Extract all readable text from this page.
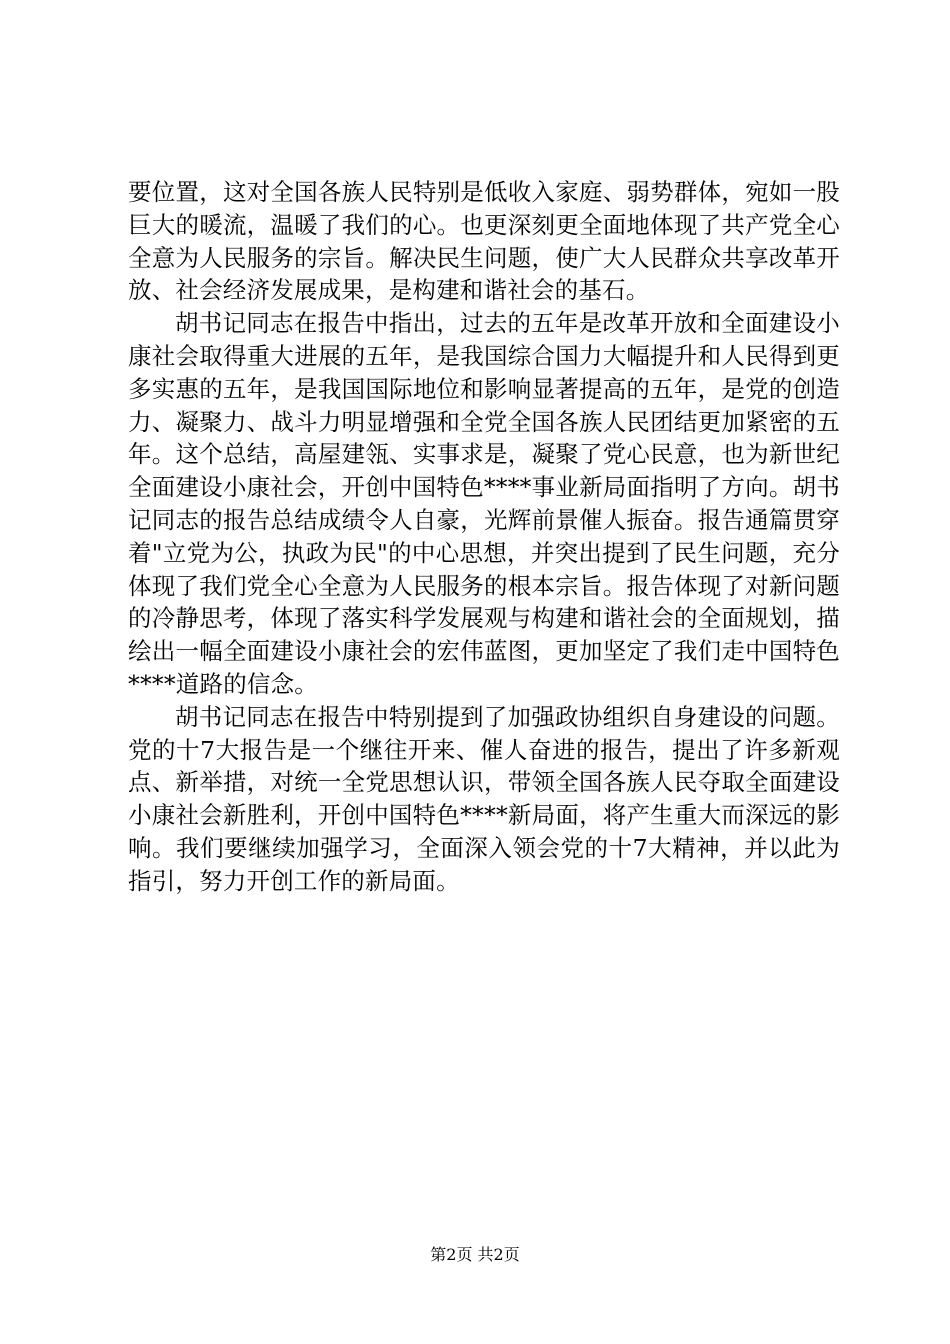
要位置，这对全国各族人民特别是低收入家庭、弱势群体，宛如一股巨大的暖流，温暖了我们的心。也更深刻更全面地体现了共产党全心全意为人民服务的宗旨。解决民生问题，使广大人民群众共享改革开放、社会经济发展成果，是构建和谐社会的基石。

胡书记同志在报告中指出，过去的五年是改革开放和全面建设小康社会取得重大进展的五年，是我国综合国力大幅提升和人民得到更多实惠的五年，是我国国际地位和影响显著提高的五年，是党的创造力、凝聚力、战斗力明显增强和全党全国各族人民团结更加紧密的五年。这个总结，高屋建瓴、实事求是，凝聚了党心民意，也为新世纪全面建设小康社会，开创中国特色****事业新局面指明了方向。胡书记同志的报告总结成绩令人自豪，光辉前景催人振奋。报告通篇贯穿着"立党为公，执政为民"的中心思想，并突出提到了民生问题，充分体现了我们党全心全意为人民服务的根本宗旨。报告体现了对新问题的冷静思考，体现了落实科学发展观与构建和谐社会的全面规划，描绘出一幅全面建设小康社会的宏伟蓝图，更加坚定了我们走中国特色****道路的信念。

胡书记同志在报告中特别提到了加强政协组织自身建设的问题。党的十7大报告是一个继往开来、催人奋进的报告，提出了许多新观点、新举措，对统一全党思想认识，带领全国各族人民夺取全面建设小康社会新胜利，开创中国特色****新局面，将产生重大而深远的影响。我们要继续加强学习，全面深入领会党的十7大精神，并以此为指引，努力开创工作的新局面。

第2页 共2页
